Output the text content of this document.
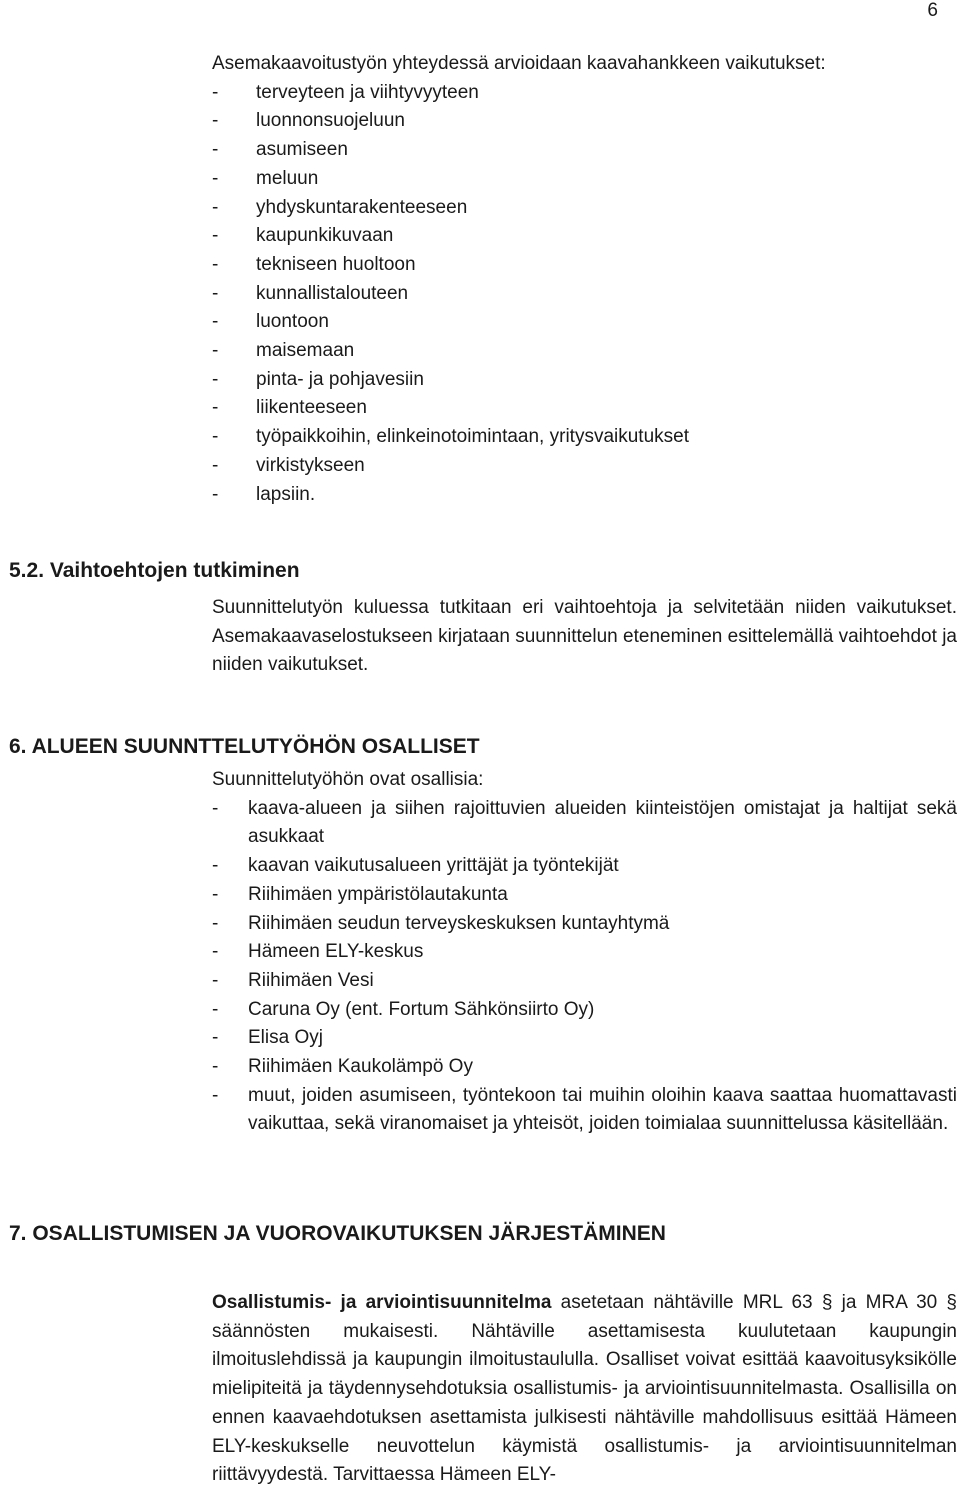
6
Asemakaavoitustyön yhteydessä arvioidaan kaavahankkeen vaikutukset:
- terveyteen ja viihtyvyyteen
- luonnonsuojeluun
- asumiseen
- meluun
- yhdyskuntarakenteeseen
- kaupunkikuvaan
- tekniseen huoltoon
- kunnallistalouteen
- luontoon
- maisemaan
- pinta- ja pohjavesiin
- liikenteeseen
- työpaikkoihin, elinkeinotoimintaan, yritysvaikutukset
- virkistykseen
- lapsiin.
5.2. Vaihtoehtojen tutkiminen

Suunnittelutyön kuluessa tutkitaan eri vaihtoehtoja ja selvitetään niiden vaikutukset. Asemakaavaselostukseen kirjataan suunnittelun eteneminen esittelemällä vaihtoehdot ja niiden vaikutukset.

6. ALUEEN SUUNNTTELUTYÖHÖN OSALLISET
Suunnittelutyöhön ovat osallisia:
-	kaava-alueen ja siihen rajoittuvien alueiden kiinteistöjen omistajat ja haltijat sekä asukkaat
-	kaavan vaikutusalueen yrittäjät ja työntekijät
-	Riihimäen ympäristölautakunta
-	Riihimäen seudun terveyskeskuksen kuntayhtymä
-	Hämeen ELY-keskus
-	Riihimäen Vesi
-	Caruna Oy (ent. Fortum Sähkönsiirto Oy)
-	Elisa Oyj
-	Riihimäen Kaukolämpö Oy
-	muut, joiden asumiseen, työntekoon tai muihin oloihin kaava saattaa huomattavasti vaikuttaa, sekä viranomaiset ja yhteisöt, joiden toimialaa suunnittelussa käsitellään.
7. OSALLISTUMISEN JA VUOROVAIKUTUKSEN JÄRJESTÄMINEN

Osallistumis- ja arviointisuunnitelma asetetaan nähtäville MRL 63 § ja MRA 30 § säännösten mukaisesti. Nähtäville asettamisesta kuulutetaan kaupungin ilmoituslehdissä ja kaupungin ilmoitustaululla. Osalliset voivat esittää kaavoitusyksikölle mielipiteitä ja täydennysehdotuksia osallistumis- ja arviointisuunnitelmasta. Osallisilla on ennen kaavaehdotuksen asettamista julkisesti nähtäville mahdollisuus esittää Hämeen ELY-keskukselle neuvottelun käymistä osallistumis- ja arviointisuunnitelman riittävyydestä. Tarvittaessa Hämeen ELY-
